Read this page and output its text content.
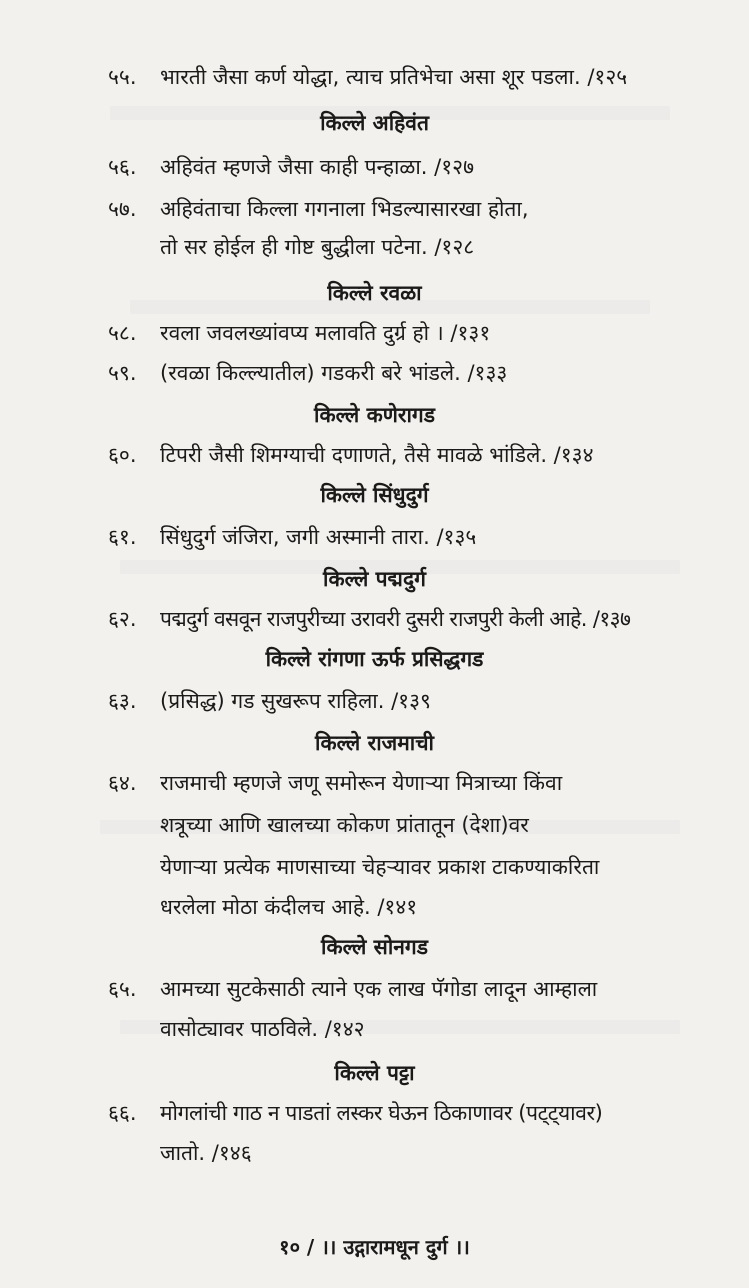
५५. भारती जैसा कर्ण योद्धा, त्याच प्रतिभेचा असा शूर पडला. /१२५
किल्ले अहिवंत
५६. अहिवंत म्हणजे जैसा काही पन्हाळा. /१२७
५७. अहिवंताचा किल्ला गगनाला भिडल्यासारखा होता,
तो सर होईल ही गोष्ट बुद्धीला पटेना. /१२८
किल्ले रवळा
५८. रवला जवलख्यांवप्य मलावति दुर्ग्र हो । /१३१
५९. (रवळा किल्ल्यातील) गडकरी बरे भांडले. /१३३
किल्ले कणेरागड
६०. टिपरी जैसी शिमग्याची दणाणते, तैसे मावळे भांडिले. /१३४
किल्ले सिंधुदुर्ग
६१. सिंधुदुर्ग जंजिरा, जगी अस्मानी तारा. /१३५
किल्ले पद्मदुर्ग
६२. पद्मदुर्ग वसवून राजपुरीच्या उरावरी दुसरी राजपुरी केली आहे. /१३७
किल्ले रांगणा ऊर्फ प्रसिद्धगड
६३. (प्रसिद्ध) गड सुखरूप राहिला. /१३९
किल्ले राजमाची
६४. राजमाची म्हणजे जणू समोरून येणाऱ्या मित्राच्या किंवा
शत्रूच्या आणि खालच्या कोकण प्रांतातून (देशा)वर
येणाऱ्या प्रत्येक माणसाच्या चेहऱ्यावर प्रकाश टाकण्याकरिता
धरलेला मोठा कंदीलच आहे. /१४१
किल्ले सोनगड
६५. आमच्या सुटकेसाठी त्याने एक लाख पॅगोडा लादून आम्हाला
वासोट्यावर पाठविले. /१४२
किल्ले पट्टा
६६. मोगलांची गाठ न पाडतां लस्कर घेऊन ठिकाणावर (पट्ट्यावर)
जातो. /१४६
१० / ।। उद्गारामधून दुर्ग ।।
